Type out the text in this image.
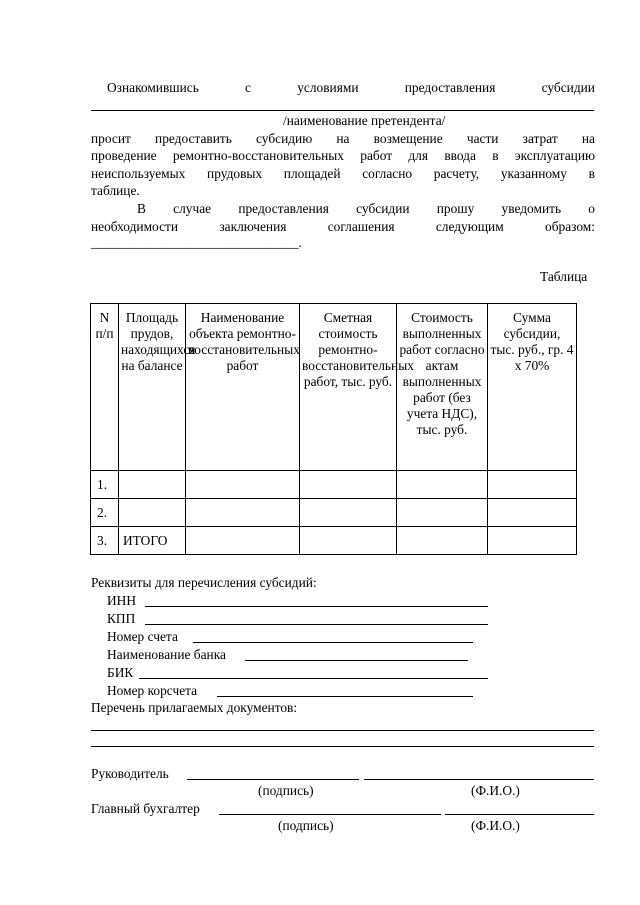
Ознакомившись	с	условиями	предоставления	субсидии
/наименование претендента/
просит предоставить субсидию на возмещение части затрат на
проведение ремонтно-восстановительных работ для ввода в эксплуатацию
неиспользуемых прудовых площадей согласно расчету, указанному в
таблице.
В случае предоставления субсидии прошу уведомить о
необходимости заключения соглашения следующим образом:
_______________________________.
Таблица
N п/п	Площадь прудов, находящихся на балансе	Наименование объекта ремонтно-восстановительных работ	Сметная стоимость ремонтно-восстановительных работ, тыс. руб.	Стоимость выполненных работ согласно актам выполненных работ (без учета НДС), тыс. руб.	Сумма субсидии, тыс. руб., гр. 4 x 70%
1.					
2.					
3.	ИТОГО				
Реквизиты для перечисления субсидий:
ИНН
КПП
Номер счета
Наименование банка
БИК
Номер корсчета
Перечень прилагаемых документов:
Руководитель
(подпись)	(Ф.И.О.)
Главный бухгалтер
(подпись)	(Ф.И.О.)
